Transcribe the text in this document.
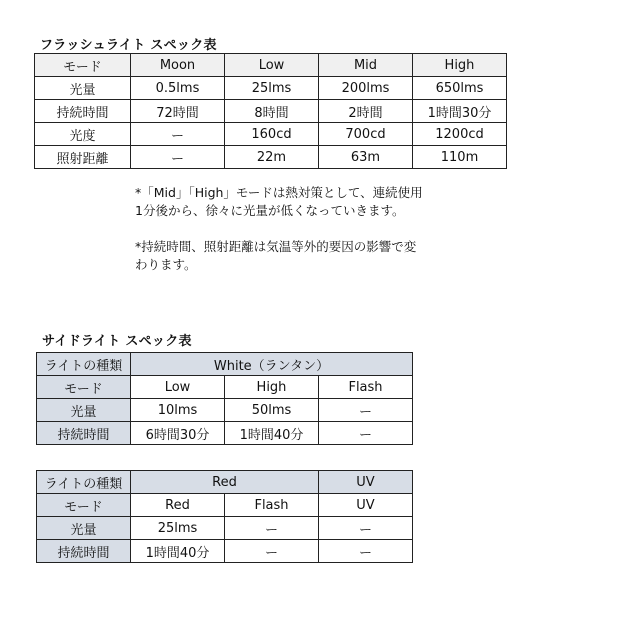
フラッシュライト スペック表
モード	Moon	Low	Mid	High
光量	0.5lms	25lms	200lms	650lms
持続時間	72時間	8時間	2時間	1時間30分
光度	ー	160cd	700cd	1200cd
照射距離	ー	22m	63m	110m

*「Mid」「High」モードは熱対策として、連続使用1分後から、徐々に光量が低くなっていきます。

*持続時間、照射距離は気温等外的要因の影響で変わります。

サイドライト スペック表
ライトの種類	White（ランタン）		
モード	Low	High	Flash
光量	10lms	50lms	ー
持続時間	6時間30分	1時間40分	ー
ライトの種類	Red		UV
モード	Red	Flash	UV
光量	25lms	ー	ー
持続時間	1時間40分	ー	ー
